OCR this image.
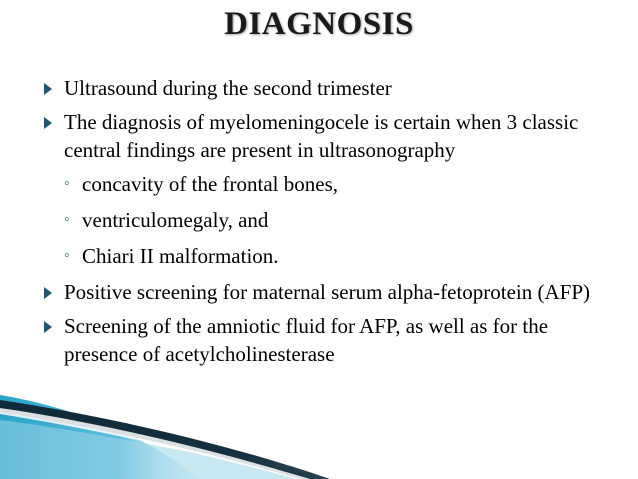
DIAGNOSIS
Ultrasound during the second trimester
The diagnosis of myelomeningocele is certain when 3 classic central findings are present in ultrasonography
◦ concavity of the frontal bones,
◦ ventriculomegaly, and
◦ Chiari II malformation.
Positive screening for maternal serum alpha-fetoprotein (AFP)
Screening of the amniotic fluid for AFP, as well as for the presence of acetylcholinesterase
